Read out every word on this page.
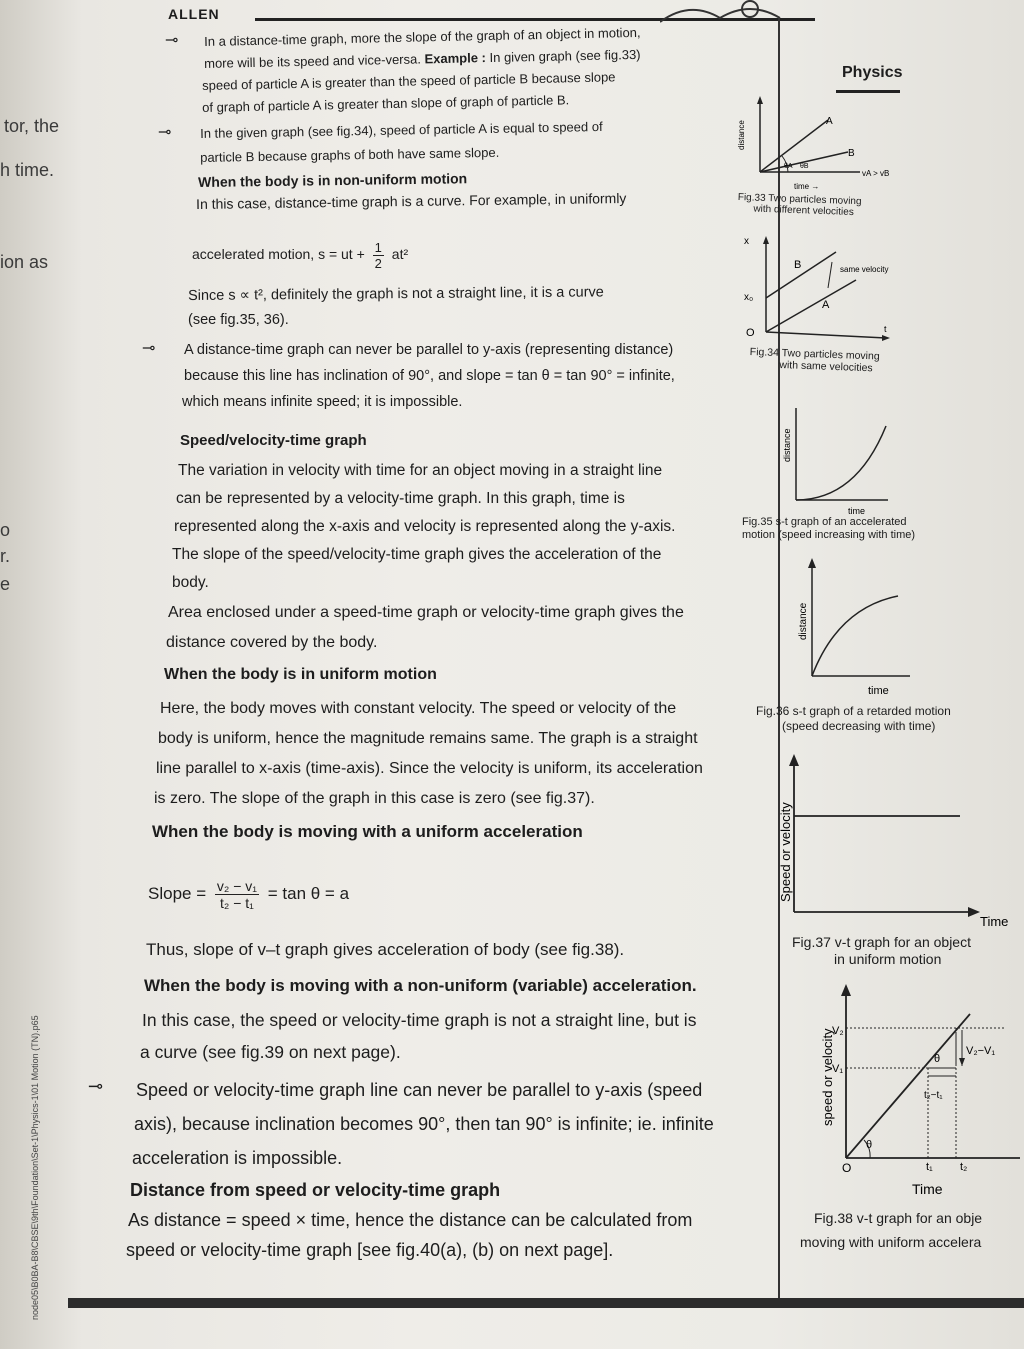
tor, the
h time.
ion as
o
r.
e
node05\B0BA-B8\CBSE\9th\Foundation\Set-1\Physics-1\01 Motion (TN).p65
ALLEN
Physics
⊸ In a distance-time graph, more the slope of the graph of an object in motion,
more will be its speed and vice-versa. Example : In given graph (see fig.33)
speed of particle A is greater than the speed of particle B because slope
of graph of particle A is greater than slope of graph of particle B.
⊸ In the given graph (see fig.34), speed of particle A is equal to speed of
particle B because graphs of both have same slope.
When the body is in non-uniform motion
In this case, distance-time graph is a curve. For example, in uniformly
accelerated motion, s = ut + $\frac{1}{2} at^2$
Since s ∝ t², definitely the graph is not a straight line, it is a curve
(see fig.35, 36).
⊸ A distance-time graph can never be parallel to y-axis (representing distance)
because this line has inclination of 90°, and slope = tan θ = tan 90° = infinite,
which means infinite speed; it is impossible.
Speed/velocity-time graph
The variation in velocity with time for an object moving in a straight line
can be represented by a velocity-time graph. In this graph, time is
represented along the x-axis and velocity is represented along the y-axis.
The slope of the speed/velocity-time graph gives the acceleration of the
body.
Area enclosed under a speed-time graph or velocity-time graph gives the
distance covered by the body.
When the body is in uniform motion
Here, the body moves with constant velocity. The speed or velocity of the
body is uniform, hence the magnitude remains same. The graph is a straight
line parallel to x-axis (time-axis). Since the velocity is uniform, its acceleration
is zero. The slope of the graph in this case is zero (see fig.37).
When the body is moving with a uniform acceleration
Slope = $\frac{\text{v₂ − v₁}}{\text{t₂ − t₁}} = \tan \theta = a$
Thus, slope of v–t graph gives acceleration of body (see fig.38).
When the body is moving with a non-uniform (variable) acceleration.
In this case, the speed or velocity-time graph is not a straight line, but is
a curve (see fig.39 on next page).
⊸ Speed or velocity-time graph line can never be parallel to y-axis (speed
axis), because inclination becomes 90°, then tan 90° is infinite; ie. infinite
acceleration is impossible.
Distance from speed or velocity-time graph
As distance = speed × time, hence the distance can be calculated from
speed or velocity-time graph [see fig.40(a), (b) on next page].
distance
time →
A
B
θA θB
vA > vB
Fig.33 Two particles moving
with different velocities
x
x₀
O	t
B
A
same velocity
Fig.34 Two particles moving
with same velocities
distance
time
Fig.35 s-t graph of an accelerated
motion (speed increasing with time)
distance
time
Fig.36 s-t graph of a retarded motion
(speed decreasing with time)
Speed or velocity
Time
Fig.37 v-t graph for an object
in uniform motion
speed or velocity
V₂
V₁
V₂−V₁
t₂−t₁
θ
θ
O	t₁ t₂
Time
Fig.38 v-t graph for an obje
moving with uniform accelera
